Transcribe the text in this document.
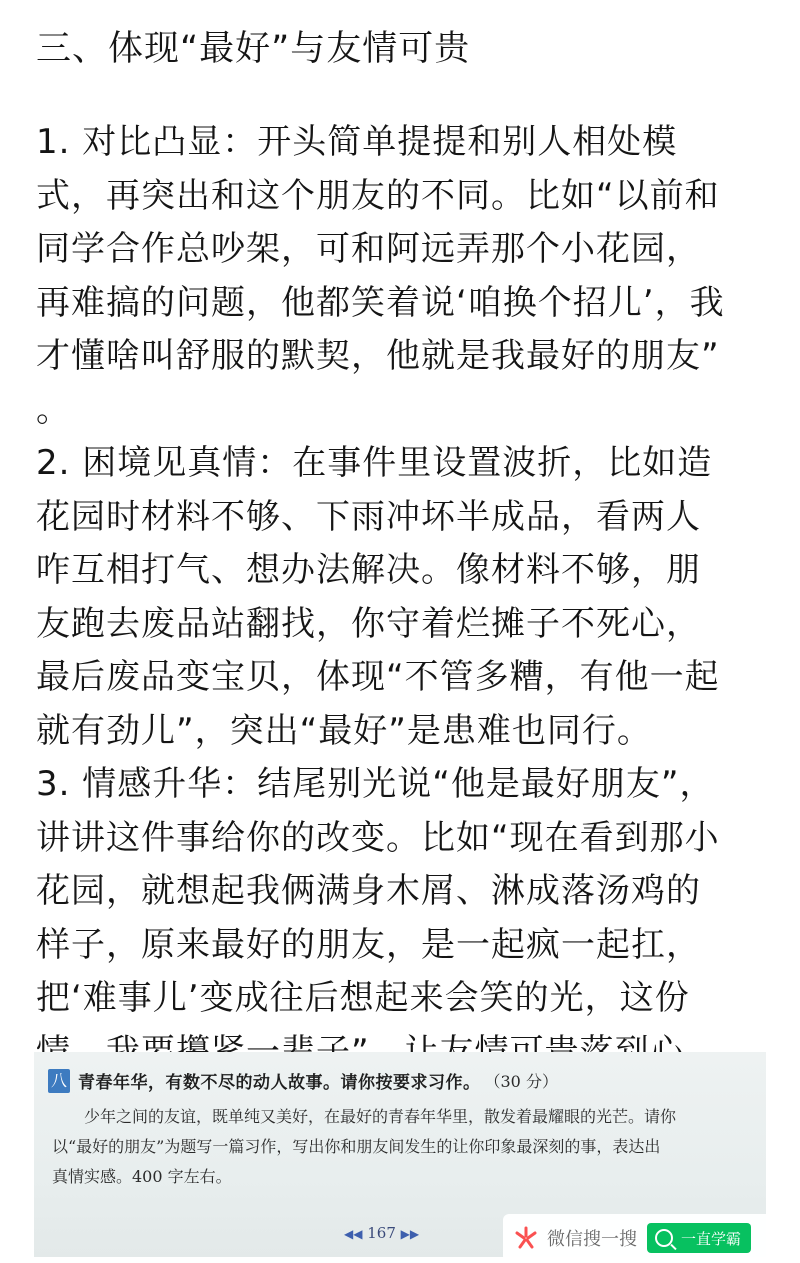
三、体现“最好”与友情可贵
1. 对比凸显：开头简单提提和别人相处模
式，再突出和这个朋友的不同。比如“以前和
同学合作总吵架，可和阿远弄那个小花园，
再难搞的问题，他都笑着说‘咱换个招儿’，我
才懂啥叫舒服的默契，他就是我最好的朋友”
。
2. 困境见真情：在事件里设置波折，比如造
花园时材料不够、下雨冲坏半成品，看两人
咋互相打气、想办法解决。像材料不够，朋
友跑去废品站翻找，你守着烂摊子不死心，
最后废品变宝贝，体现“不管多糟，有他一起
就有劲儿”，突出“最好”是患难也同行。
3. 情感升华：结尾别光说“他是最好朋友”，
讲讲这件事给你的改变。比如“现在看到那小
花园，就想起我俩满身木屑、淋成落汤鸡的
样子，原来最好的朋友，是一起疯一起扛，
把‘难事儿’变成往后想起来会笑的光，这份
八 青春年华，有数不尽的动人故事。请你按要求习作。 （30 分）
少年之间的友谊，既单纯又美好，在最好的青春年华里，散发着最耀眼的光芒。请你
以“最好的朋友”为题写一篇习作，写出你和朋友间发生的让你印象最深刻的事，表达出
真情实感。400 字左右。
◀◀ 167 ▶▶	微信搜一搜	一直学霸
